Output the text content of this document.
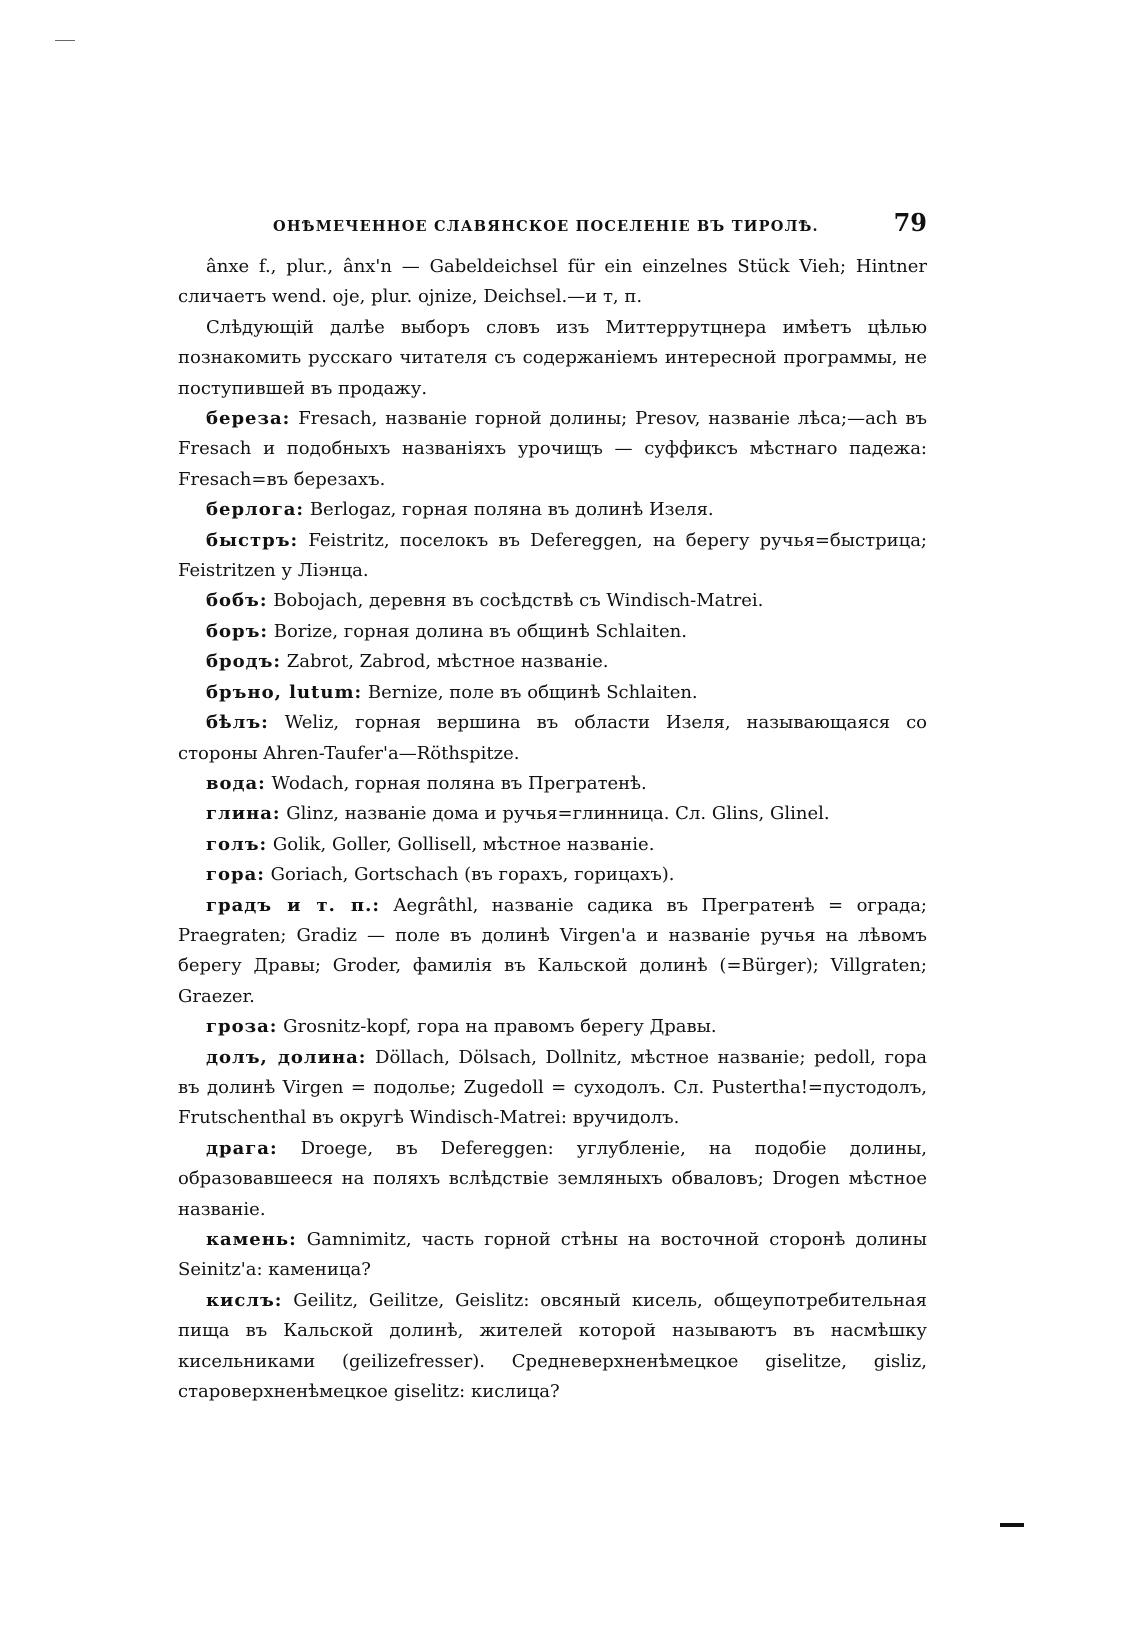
ОНѢМЕЧЕННОЕ СЛАВЯНСКОЕ ПОСЕЛЕНІЕ ВЪ ТИРОЛѢ.	79

ânxe f., plur., ânx'n — Gabeldeichsel für ein einzelnes Stück Vieh; Hintner сличаетъ wend. oje, plur. ojnize, Deichsel.—и т, п.

Слѣдующій далѣе выборъ словъ изъ Миттеррутцнера имѣетъ цѣлью познакомить русскаго читателя съ содержаніемъ интересной программы, не поступившей въ продажу.

береза: Fresach, названіе горной долины; Presov, названіе лѣса;—ach въ Fresach и подобныхъ названіяхъ урочищъ — суффиксъ мѣстнаго падежа: Fresach=въ березахъ.

берлога: Berlogaz, горная поляна въ долинѣ Изеля.

быстръ: Feistritz, поселокъ въ Defereggen, на берегу ручья=быстрица; Feistritzen у Ліэнца.

бобъ: Bobojach, деревня въ сосѣдствѣ съ Windisch-Matrei.

боръ: Borize, горная долина въ общинѣ Schlaiten.

бродъ: Zabrot, Zabrod, мѣстное названіе.

бръно, lutum: Bernize, поле въ общинѣ Schlaiten.

бѣлъ: Weliz, горная вершина въ области Изеля, называющаяся со стороны Ahren-Taufer'a—Röthspitze.

вода: Wodach, горная поляна въ Прегратенѣ.

глина: Glinz, названіе дома и ручья=глинница. Сл. Glins, Glinel.

голъ: Golik, Goller, Gollisell, мѣстное названіе.

гора: Goriach, Gortschach (въ горахъ, горицахъ).

градъ и т. п.: Aegrâthl, названіе садика въ Прегратенѣ = ограда; Praegraten; Gradiz — поле въ долинѣ Virgen'a и названіе ручья на лѣвомъ берегу Дравы; Groder, фамилія въ Кальской долинѣ (=Bürger); Villgraten; Graezer.

гроза: Grosnitz-kopf, гора на правомъ берегу Дравы.

долъ, долина: Döllach, Dölsach, Dollnitz, мѣстное названіе; pedoll, гора въ долинѣ Virgen = подолье; Zugedoll = суходолъ. Сл. Pustertha!=пустодолъ, Frutschenthal въ округѣ Windisch-Matrei: вручидолъ.

драга: Droege, въ Defereggen: углубленіе, на подобіе долины, образовавшееся на поляхъ вслѣдствіе земляныхъ обваловъ; Drogen мѣстное названіе.

камень: Gamnimitz, часть горной стѣны на восточной сторонѣ долины Seinitz'a: каменица?

кислъ: Geilitz, Geilitze, Geislitz: овсяный кисель, общеупотребительная пища въ Кальской долинѣ, жителей которой называютъ въ насмѣшку кисельниками (geilizefresser). Средневерхненѣмецкое giselitze, gisliz, староверхненѣмецкое giselitz: кислица?
